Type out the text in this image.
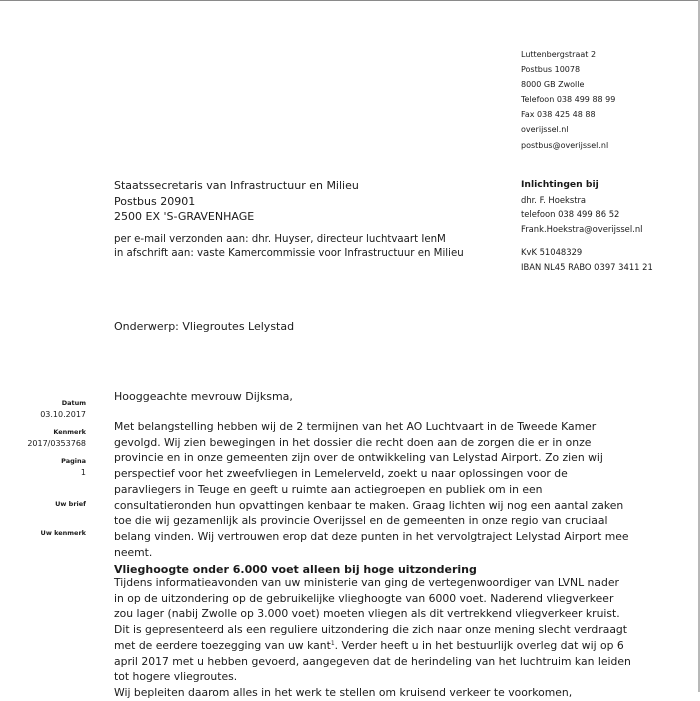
Luttenbergstraat 2
Postbus 10078
8000 GB Zwolle
Telefoon 038 499 88 99
Fax 038 425 48 88
overijssel.nl
postbus@overijssel.nl
Staatssecretaris van Infrastructuur en Milieu
Postbus 20901
2500 EX 'S-GRAVENHAGE
per e-mail verzonden aan: dhr. Huyser, directeur luchtvaart IenM
in afschrift aan: vaste Kamercommissie voor Infrastructuur en Milieu
Inlichtingen bij
dhr. F. Hoekstra
telefoon 038 499 86 52
Frank.Hoekstra@overijssel.nl
KvK 51048329
IBAN NL45 RABO 0397 3411 21
Onderwerp: Vliegroutes Lelystad
Datum
03.10.2017
Kenmerk
2017/0353768
Pagina
1
Uw brief
Uw kenmerk
Hooggeachte mevrouw Dijksma,
Met belangstelling hebben wij de 2 termijnen van het AO Luchtvaart in de Tweede Kamer
gevolgd. Wij zien bewegingen in het dossier die recht doen aan de zorgen die er in onze
provincie en in onze gemeenten zijn over de ontwikkeling van Lelystad Airport. Zo zien wij
perspectief voor het zweefvliegen in Lemelerveld, zoekt u naar oplossingen voor de
paravliegers in Teuge en geeft u ruimte aan actiegroepen en publiek om in een
consultatieronden hun opvattingen kenbaar te maken. Graag lichten wij nog een aantal zaken
toe die wij gezamenlijk als provincie Overijssel en de gemeenten in onze regio van cruciaal
belang vinden. Wij vertrouwen erop dat deze punten in het vervolgtraject Lelystad Airport mee
neemt.
Vlieghoogte onder 6.000 voet alleen bij hoge uitzondering
Tijdens informatieavonden van uw ministerie van ging de vertegenwoordiger van LVNL nader
in op de uitzondering op de gebruikelijke vlieghoogte van 6000 voet. Naderend vliegverkeer
zou lager (nabij Zwolle op 3.000 voet) moeten vliegen als dit vertrekkend vliegverkeer kruist.
Dit is gepresenteerd als een reguliere uitzondering die zich naar onze mening slecht verdraagt
met de eerdere toezegging van uw kant$^1$. Verder heeft u in het bestuurlijk overleg dat wij op 6
april 2017 met u hebben gevoerd, aangegeven dat de herindeling van het luchtruim kan leiden
tot hogere vliegroutes.
Wij bepleiten daarom alles in het werk te stellen om kruisend verkeer te voorkomen,
